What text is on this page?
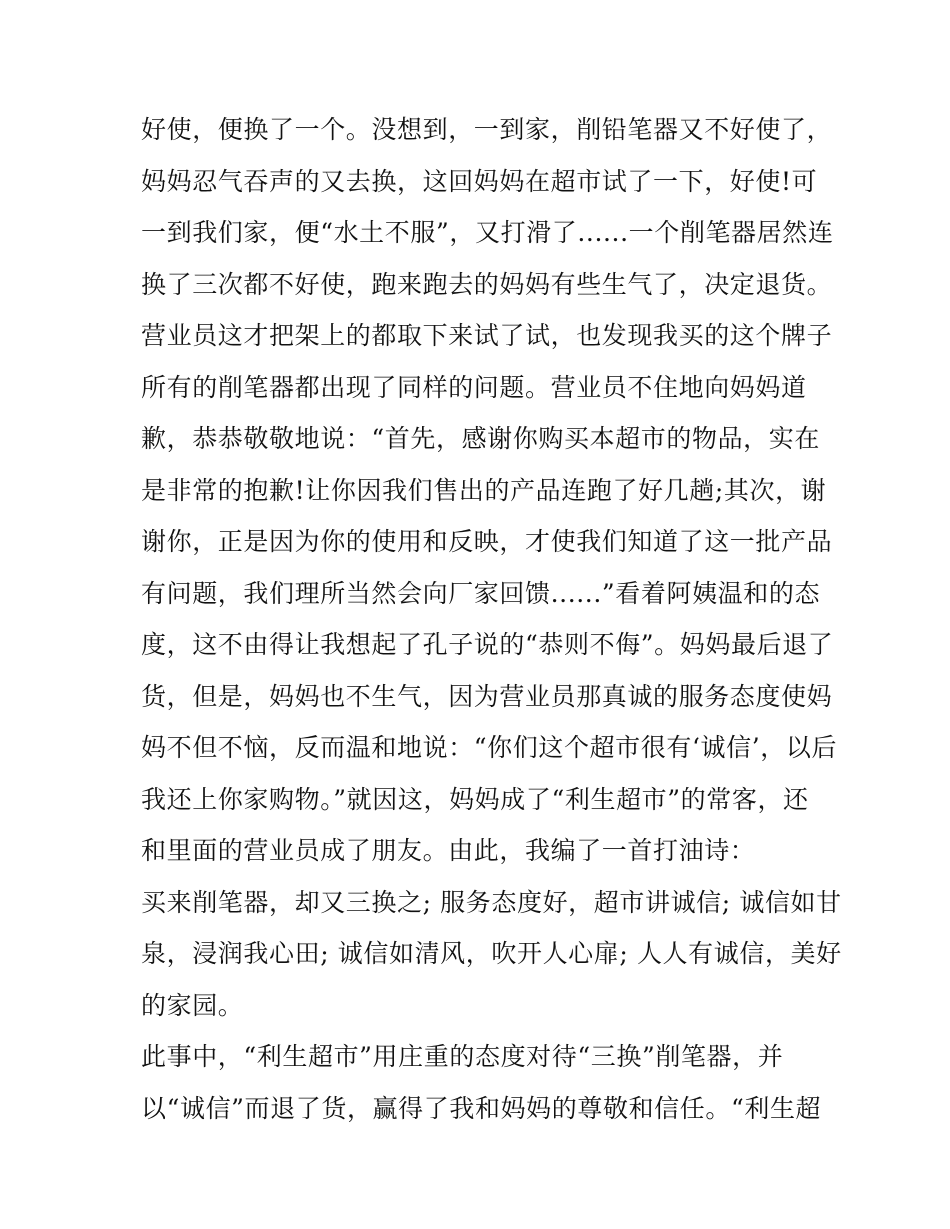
好使，便换了一个。没想到，一到家，削铅笔器又不好使了，
妈妈忍气吞声的又去换，这回妈妈在超市试了一下，好使!可
一到我们家，便“水土不服”，又打滑了......一个削笔器居然连
换了三次都不好使，跑来跑去的妈妈有些生气了，决定退货。
营业员这才把架上的都取下来试了试，也发现我买的这个牌子
所有的削笔器都出现了同样的问题。营业员不住地向妈妈道
歉，恭恭敬敬地说：“首先，感谢你购买本超市的物品，实在
是非常的抱歉!让你因我们售出的产品连跑了好几趟;其次，谢
谢你，正是因为你的使用和反映，才使我们知道了这一批产品
有问题，我们理所当然会向厂家回馈......”看着阿姨温和的态
度，这不由得让我想起了孔子说的“恭则不侮”。妈妈最后退了
货，但是，妈妈也不生气，因为营业员那真诚的服务态度使妈
妈不但不恼，反而温和地说：“你们这个超市很有‘诚信’，以后
我还上你家购物。”就因这，妈妈成了“利生超市”的常客，还
和里面的营业员成了朋友。由此，我编了一首打油诗：
买来削笔器，却又三换之; 服务态度好，超市讲诚信; 诚信如甘
泉，浸润我心田; 诚信如清风，吹开人心扉; 人人有诚信，美好
的家园。
此事中，“利生超市”用庄重的态度对待“三换”削笔器，并
以“诚信”而退了货，赢得了我和妈妈的尊敬和信任。“利生超
